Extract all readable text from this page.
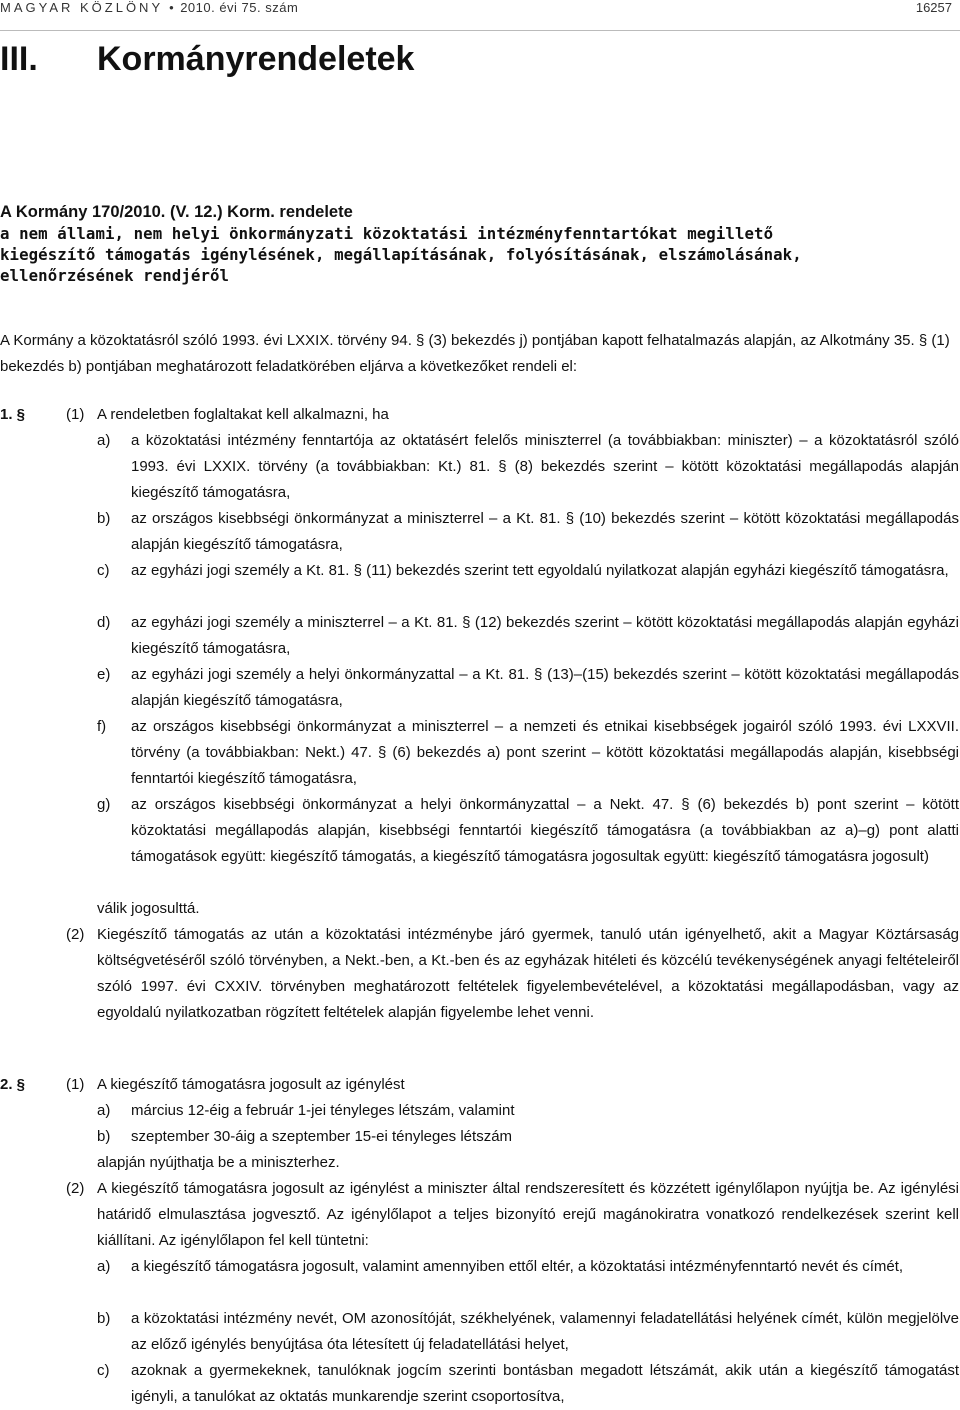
MAGYAR KÖZLÖNY • 2010. évi 75. szám	16257
III. Kormányrendeletek
A Kormány 170/2010. (V. 12.) Korm. rendelete
a nem állami, nem helyi önkormányzati közoktatási intézményfenntartókat megillető
kiegészítő támogatás igénylésének, megállapításának, folyósításának, elszámolásának,
ellenőrzésének rendjéről
A Kormány a közoktatásról szóló 1993. évi LXXIX. törvény 94. § (3) bekezdés j) pontjában kapott felhatalmazás alapján, az Alkotmány 35. § (1) bekezdés b) pontjában meghatározott feladatkörében eljárva a következőket rendeli el:
1. §	(1) A rendeletben foglaltakat kell alkalmazni, ha
a) a közoktatási intézmény fenntartója az oktatásért felelős miniszterrel (a továbbiakban: miniszter) – a közoktatásról szóló 1993. évi LXXIX. törvény (a továbbiakban: Kt.) 81. § (8) bekezdés szerint – kötött közoktatási megállapodás alapján kiegészítő támogatásra,
b) az országos kisebbségi önkormányzat a miniszterrel – a Kt. 81. § (10) bekezdés szerint – kötött közoktatási megállapodás alapján kiegészítő támogatásra,
c) az egyházi jogi személy a Kt. 81. § (11) bekezdés szerint tett egyoldalú nyilatkozat alapján egyházi kiegészítő támogatásra,
d) az egyházi jogi személy a miniszterrel – a Kt. 81. § (12) bekezdés szerint – kötött közoktatási megállapodás alapján egyházi kiegészítő támogatásra,
e) az egyházi jogi személy a helyi önkormányzattal – a Kt. 81. § (13)–(15) bekezdés szerint – kötött közoktatási megállapodás alapján kiegészítő támogatásra,
f) az országos kisebbségi önkormányzat a miniszterrel – a nemzeti és etnikai kisebbségek jogairól szóló 1993. évi LXXVII. törvény (a továbbiakban: Nekt.) 47. § (6) bekezdés a) pont szerint – kötött közoktatási megállapodás alapján, kisebbségi fenntartói kiegészítő támogatásra,
g) az országos kisebbségi önkormányzat a helyi önkormányzattal – a Nekt. 47. § (6) bekezdés b) pont szerint – kötött közoktatási megállapodás alapján, kisebbségi fenntartói kiegészítő támogatásra (a továbbiakban az a)–g) pont alatti támogatások együtt: kiegészítő támogatás, a kiegészítő támogatásra jogosultak együtt: kiegészítő támogatásra jogosult)
válik jogosulttá.
(2) Kiegészítő támogatás az után a közoktatási intézménybe járó gyermek, tanuló után igényelhető, akit a Magyar Köztársaság költségvetéséről szóló törvényben, a Nekt.-ben, a Kt.-ben és az egyházak hitéleti és közcélú tevékenységének anyagi feltételeiről szóló 1997. évi CXXIV. törvényben meghatározott feltételek figyelembevételével, a közoktatási megállapodásban, vagy az egyoldalú nyilatkozatban rögzített feltételek alapján figyelembe lehet venni.
2. §	(1) A kiegészítő támogatásra jogosult az igénylést
a) március 12-éig a február 1-jei tényleges létszám, valamint
b) szeptember 30-áig a szeptember 15-ei tényleges létszám
alapján nyújthatja be a miniszterhez.
(2) A kiegészítő támogatásra jogosult az igénylést a miniszter által rendszeresített és közzétett igénylőlapon nyújtja be. Az igénylési határidő elmulasztása jogvesztő. Az igénylőlapot a teljes bizonyító erejű magánokiratra vonatkozó rendelkezések szerint kell kiállítani. Az igénylőlapon fel kell tüntetni:
a) a kiegészítő támogatásra jogosult, valamint amennyiben ettől eltér, a közoktatási intézményfenntartó nevét és címét,
b) a közoktatási intézmény nevét, OM azonosítóját, székhelyének, valamennyi feladatellátási helyének címét, külön megjelölve az előző igénylés benyújtása óta létesített új feladatellátási helyet,
c) azoknak a gyermekeknek, tanulóknak jogcím szerinti bontásban megadott létszámát, akik után a kiegészítő támogatást igényli, a tanulókat az oktatás munkarendje szerint csoportosítva,
